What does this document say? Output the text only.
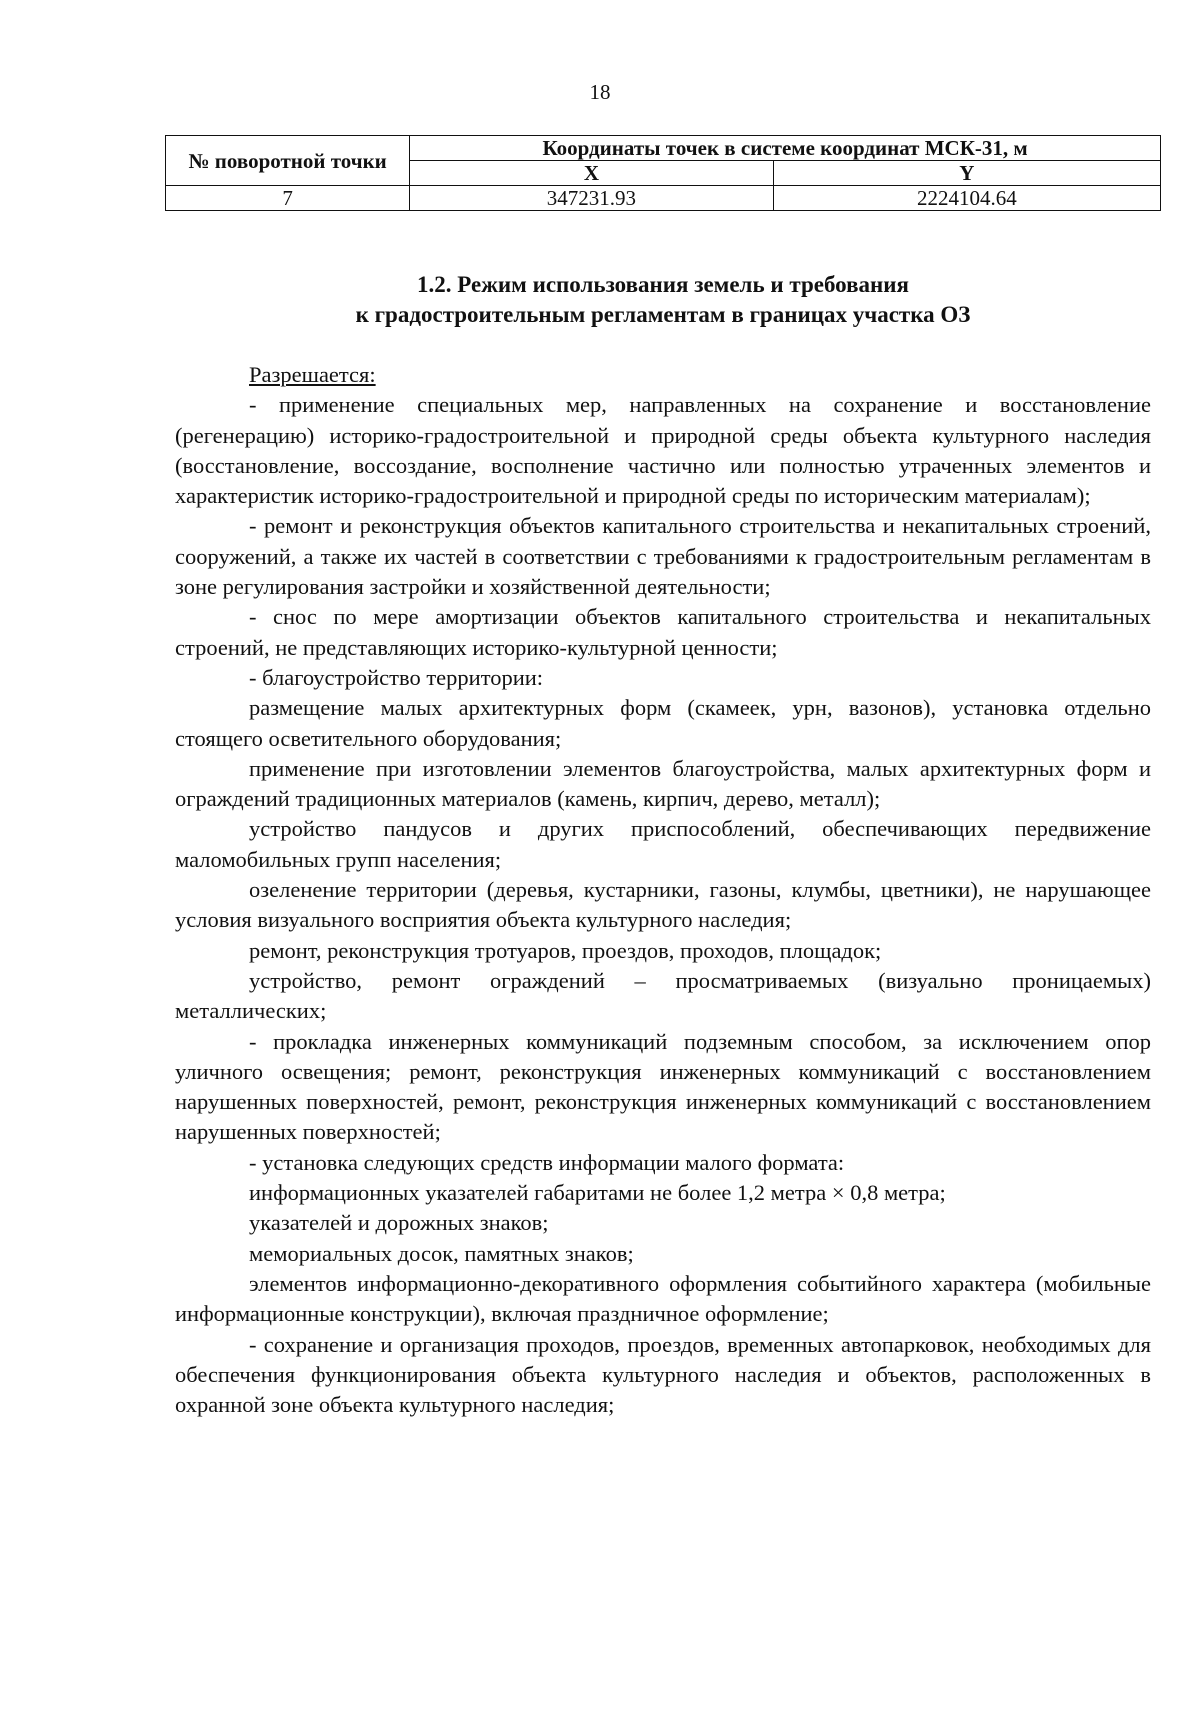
18
№ поворотной точки	Координаты точек в системе координат МСК-31, м	
	X	Y
7	347231.93	2224104.64
1.2. Режим использования земель и требования
к градостроительным регламентам в границах участка ОЗ

Разрешается:

- применение специальных мер, направленных на сохранение и восстановление (регенерацию) историко-градостроительной и природной среды объекта культурного наследия (восстановление, воссоздание, восполнение частично или полностью утраченных элементов и характеристик историко-градостроительной и природной среды по историческим материалам);

- ремонт и реконструкция объектов капитального строительства и некапитальных строений, сооружений, а также их частей в соответствии с требованиями к градостроительным регламентам в зоне регулирования застройки и хозяйственной деятельности;

- снос по мере амортизации объектов капитального строительства и некапитальных строений, не представляющих историко-культурной ценности;

- благоустройство территории:

размещение малых архитектурных форм (скамеек, урн, вазонов), установка отдельно стоящего осветительного оборудования;

применение при изготовлении элементов благоустройства, малых архитектурных форм и ограждений традиционных материалов (камень, кирпич, дерево, металл);

устройство пандусов и других приспособлений, обеспечивающих передвижение маломобильных групп населения;

озеленение территории (деревья, кустарники, газоны, клумбы, цветники), не нарушающее условия визуального восприятия объекта культурного наследия;

ремонт, реконструкция тротуаров, проездов, проходов, площадок;

устройство, ремонт ограждений – просматриваемых (визуально проницаемых) металлических;

- прокладка инженерных коммуникаций подземным способом, за исключением опор уличного освещения; ремонт, реконструкция инженерных коммуникаций с восстановлением нарушенных поверхностей, ремонт, реконструкция инженерных коммуникаций с восстановлением нарушенных поверхностей;

- установка следующих средств информации малого формата:

информационных указателей габаритами не более 1,2 метра × 0,8 метра;

указателей и дорожных знаков;

мемориальных досок, памятных знаков;

элементов информационно-декоративного оформления событийного характера (мобильные информационные конструкции), включая праздничное оформление;

- сохранение и организация проходов, проездов, временных автопарковок, необходимых для обеспечения функционирования объекта культурного наследия и объектов, расположенных в охранной зоне объекта культурного наследия;
